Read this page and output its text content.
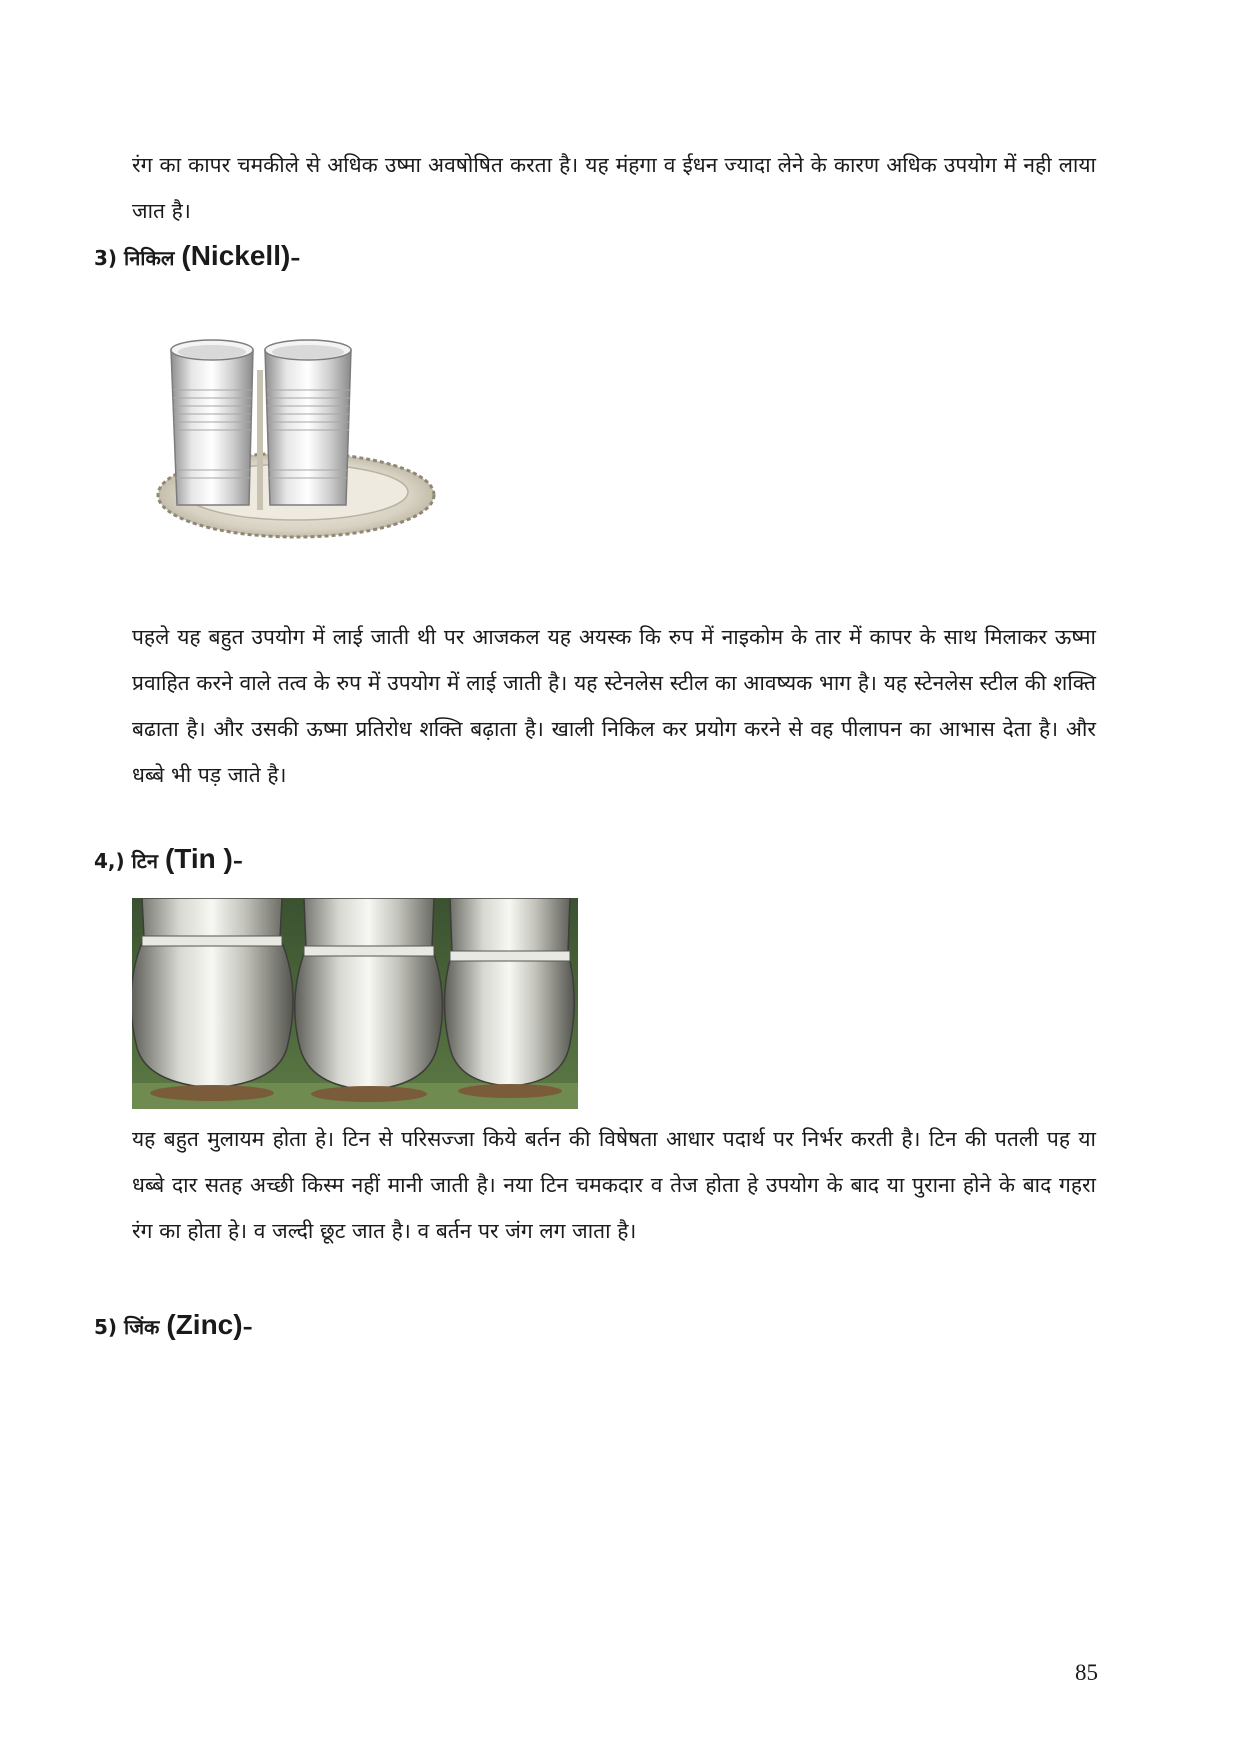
रंग का कापर चमकीले से अधिक उष्मा अवषोषित करता है। यह मंहगा व ईधन ज्यादा लेने के कारण अधिक उपयोग में नही लाया जात है।

3) निकिल (Nickell)–

पहले यह बहुत उपयोग में लाई जाती थी पर आजकल यह अयस्क कि रुप में नाइकोम के तार में कापर के साथ मिलाकर ऊष्मा प्रवाहित करने वाले तत्व के रुप में उपयोग में लाई जाती है। यह स्टेनलेस स्टील का आवष्यक भाग है। यह स्टेनलेस स्टील की शक्ति बढाता है। और उसकी ऊष्मा प्रतिरोध शक्ति बढ़ाता है। खाली निकिल कर प्रयोग करने से वह पीलापन का आभास देता है। और धब्बे भी पड़ जाते है।

4,) टिन (Tin )–

यह बहुत मुलायम होता हे। टिन से परिसज्जा किये बर्तन की विषेषता आधार पदार्थ पर निर्भर करती है। टिन की पतली पह या धब्बे दार सतह अच्छी किस्म नहीं मानी जाती है। नया टिन चमकदार व तेज होता हे उपयोग के बाद या पुराना होने के बाद गहरा रंग का होता हे। व जल्दी छूट जात है। व बर्तन पर जंग लग जाता है।

5) जिंक (Zinc)–

85
